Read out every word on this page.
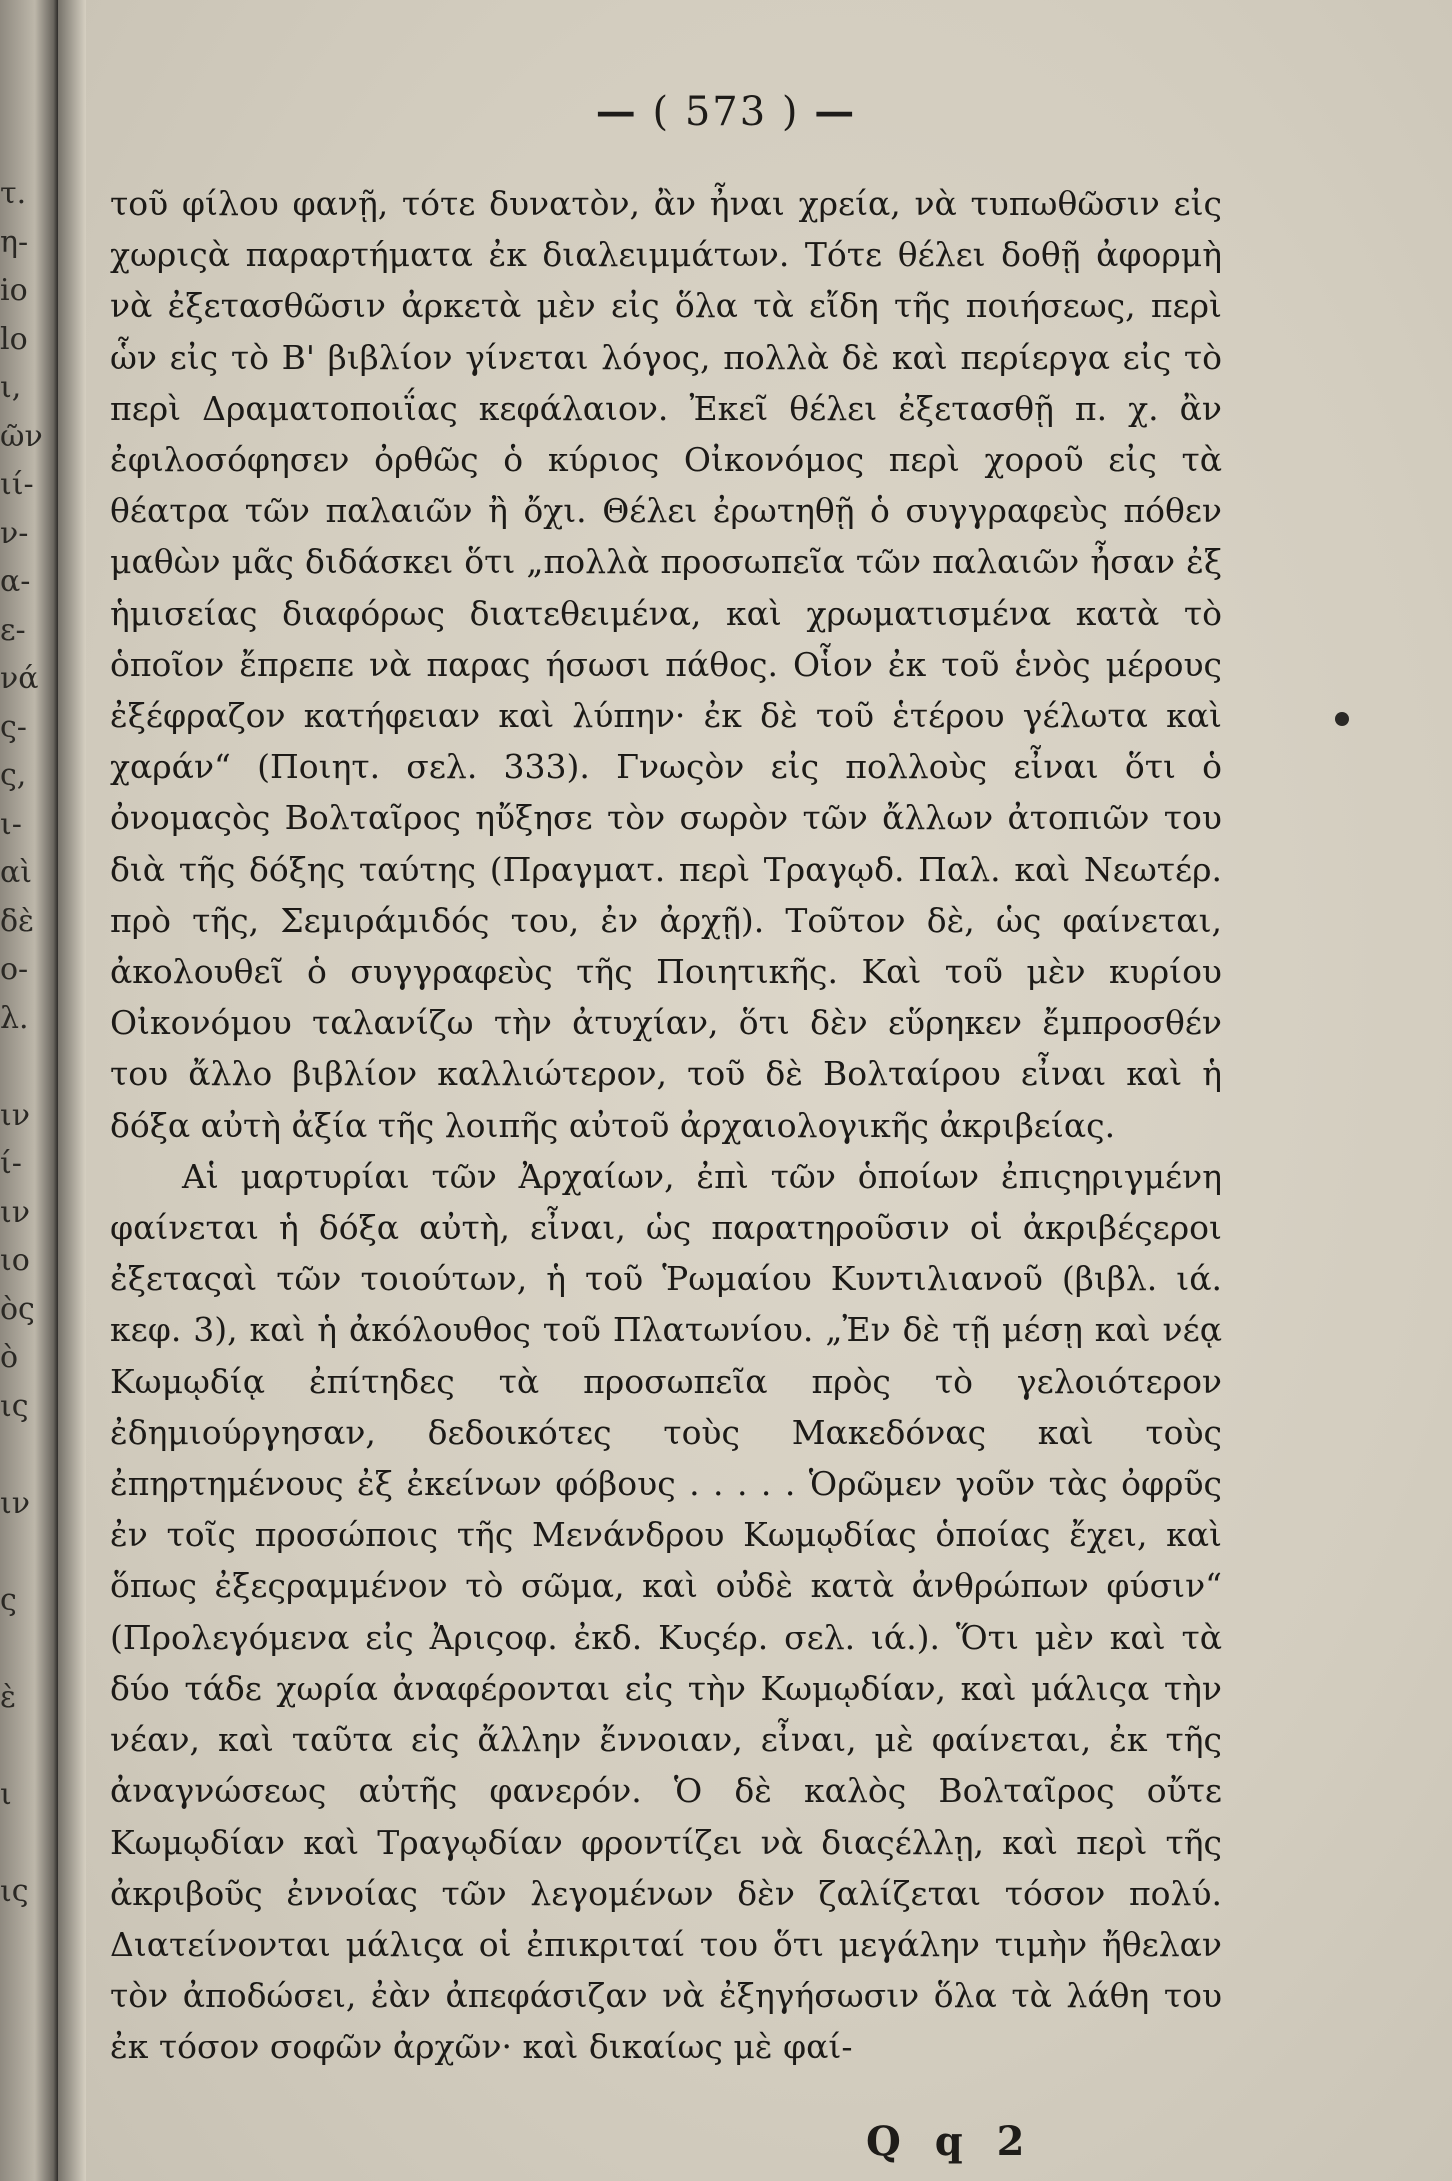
τ.
η-
io
lo
ι,
ῶν
ιί-
ν-
α-
ε-
νά
ς-
ς,
ι-
αὶ
δὲ
ο-
λ.
ιν
ί-
ιν
ιο
ὸς
ὸ
ις
ιν
ς
ὲ
ι
ις
— ( 573 ) —

τοῦ φίλου φανῇ, τότε δυνατὸν, ἂν ἦναι χρεία, νὰ τυπωθῶσιν εἰς χωριςὰ παραρτήματα ἐκ διαλειμμάτων. Τότε θέλει δοθῇ ἀφορμὴ νὰ ἐξετασθῶσιν ἀρκετὰ μὲν εἰς ὅλα τὰ εἴδη τῆς ποιήσεως, περὶ ὧν εἰς τὸ Β' βιβλίον γίνεται λόγος, πολλὰ δὲ καὶ περίεργα εἰς τὸ περὶ Δραματοποιΐας κεφάλαιον. Ἐκεῖ θέλει ἐξετασθῇ π. χ. ἂν ἐφιλοσόφησεν ὀρθῶς ὁ κύριος Οἰκονόμος περὶ χοροῦ εἰς τὰ θέατρα τῶν παλαιῶν ἢ ὄχι. Θέλει ἐρωτηθῇ ὁ συγγραφεὺς πόθεν μαθὼν μᾶς διδάσκει ὅτι „πολλὰ προσωπεῖα τῶν παλαιῶν ἦσαν ἐξ ἡμισείας διαφόρως διατεθειμένα, καὶ χρωματισμένα κατὰ τὸ ὁποῖον ἔπρεπε νὰ παρας ήσωσι πάθος. Οἷον ἐκ τοῦ ἑνὸς μέρους ἐξέφραζον κατήφειαν καὶ λύπην· ἐκ δὲ τοῦ ἑτέρου γέλωτα καὶ χαράν“ (Ποιητ. σελ. 333). Γνωςὸν εἰς πολλοὺς εἶναι ὅτι ὁ ὀνομαςὸς Βολταῖρος ηὔξησε τὸν σωρὸν τῶν ἄλλων ἀτοπιῶν του διὰ τῆς δόξης ταύτης (Πραγματ. περὶ Τραγῳδ. Παλ. καὶ Νεωτέρ. πρὸ τῆς, Σεμιράμιδός του, ἐν ἀρχῇ). Τοῦτον δὲ, ὡς φαίνεται, ἀκολουθεῖ ὁ συγγραφεὺς τῆς Ποιητικῆς. Καὶ τοῦ μὲν κυρίου Οἰκονόμου ταλανίζω τὴν ἀτυχίαν, ὅτι δὲν εὕρηκεν ἔμπροσθέν του ἄλλο βιβλίον καλλιώτερον, τοῦ δὲ Βολταίρου εἶναι καὶ ἡ δόξα αὐτὴ ἀξία τῆς λοιπῆς αὐτοῦ ἀρχαιολογικῆς ἀκριβείας.

Αἱ μαρτυρίαι τῶν Ἀρχαίων, ἐπὶ τῶν ὁποίων ἐπιςηριγμένη φαίνεται ἡ δόξα αὐτὴ, εἶναι, ὡς παρατηροῦσιν οἱ ἀκριβέςεροι ἐξεταςαὶ τῶν τοιούτων, ἡ τοῦ Ῥωμαίου Κυντιλιανοῦ (βιβλ. ιά. κεφ. 3), καὶ ἡ ἀκόλουθος τοῦ Πλατωνίου. „Ἐν δὲ τῇ μέσῃ καὶ νέᾳ Κωμῳδίᾳ ἐπίτηδες τὰ προσωπεῖα πρὸς τὸ γελοιότερον ἐδημιούργησαν, δεδοικότες τοὺς Μακεδόνας καὶ τοὺς ἐπηρτημένους ἐξ ἐκείνων φόβους . . . . . Ὁρῶμεν γοῦν τὰς ὀφρῦς ἐν τοῖς προσώποις τῆς Μενάνδρου Κωμῳδίας ὁποίας ἔχει, καὶ ὅπως ἐξεςραμμένον τὸ σῶμα, καὶ οὐδὲ κατὰ ἀνθρώπων φύσιν“ (Προλεγόμενα εἰς Ἀριςοφ. ἐκδ. Κυςέρ. σελ. ιά.). Ὅτι μὲν καὶ τὰ δύο τάδε χωρία ἀναφέρονται εἰς τὴν Κωμῳδίαν, καὶ μάλιςα τὴν νέαν, καὶ ταῦτα εἰς ἄλλην ἔννοιαν, εἶναι, μὲ φαίνεται, ἐκ τῆς ἀναγνώσεως αὐτῆς φανερόν. Ὁ δὲ καλὸς Βολταῖρος οὔτε Κωμῳδίαν καὶ Τραγῳδίαν φροντίζει νὰ διαςέλλῃ, καὶ περὶ τῆς ἀκριβοῦς ἐννοίας τῶν λεγομένων δὲν ζαλίζεται τόσον πολύ. Διατείνονται μάλιςα οἱ ἐπικριταί του ὅτι μεγάλην τιμὴν ἤθελαν τὸν ἀποδώσει, ἐὰν ἀπεφάσιζαν νὰ ἐξηγήσωσιν ὅλα τὰ λάθη του ἐκ τόσον σοφῶν ἀρχῶν· καὶ δικαίως μὲ φαί-

Q q 2
